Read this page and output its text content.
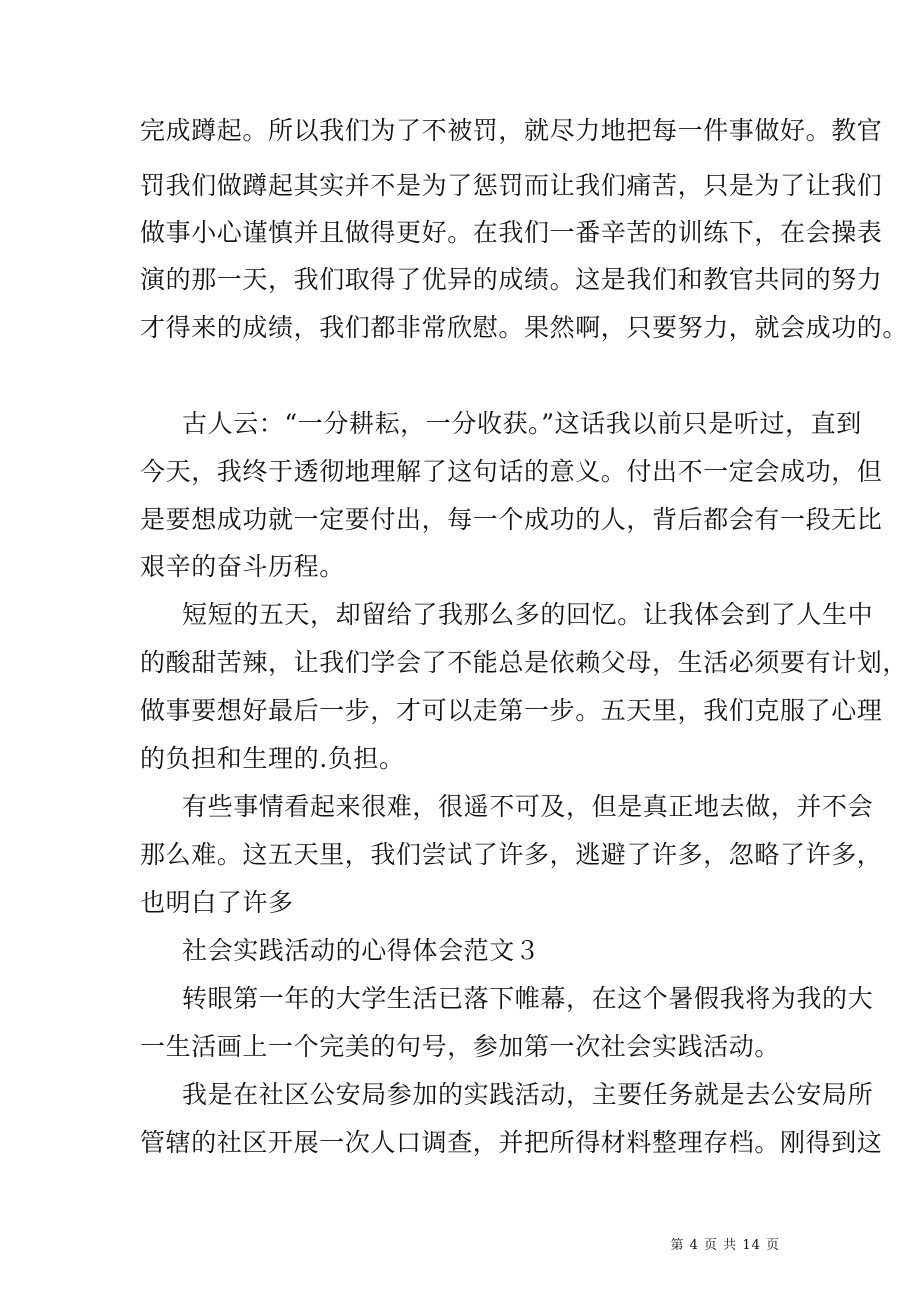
完成蹲起。所以我们为了不被罚，就尽力地把每一件事做好。教官
罚我们做蹲起其实并不是为了惩罚而让我们痛苦，只是为了让我们
做事小心谨慎并且做得更好。在我们一番辛苦的训练下，在会操表
演的那一天，我们取得了优异的成绩。这是我们和教官共同的努力
才得来的成绩，我们都非常欣慰。果然啊，只要努力，就会成功的。
古人云：“一分耕耘，一分收获。”这话我以前只是听过，直到
今天，我终于透彻地理解了这句话的意义。付出不一定会成功，但
是要想成功就一定要付出，每一个成功的人，背后都会有一段无比
艰辛的奋斗历程。
短短的五天，却留给了我那么多的回忆。让我体会到了人生中
的酸甜苦辣，让我们学会了不能总是依赖父母，生活必须要有计划，
做事要想好最后一步，才可以走第一步。五天里，我们克服了心理
的负担和生理的.负担。
有些事情看起来很难，很遥不可及，但是真正地去做，并不会
那么难。这五天里，我们尝试了许多，逃避了许多，忽略了许多，
也明白了许多
社会实践活动的心得体会范文３
转眼第一年的大学生活已落下帷幕，在这个暑假我将为我的大
一生活画上一个完美的句号，参加第一次社会实践活动。
我是在社区公安局参加的实践活动，主要任务就是去公安局所
管辖的社区开展一次人口调查，并把所得材料整理存档。刚得到这
第 4 页 共 14 页
